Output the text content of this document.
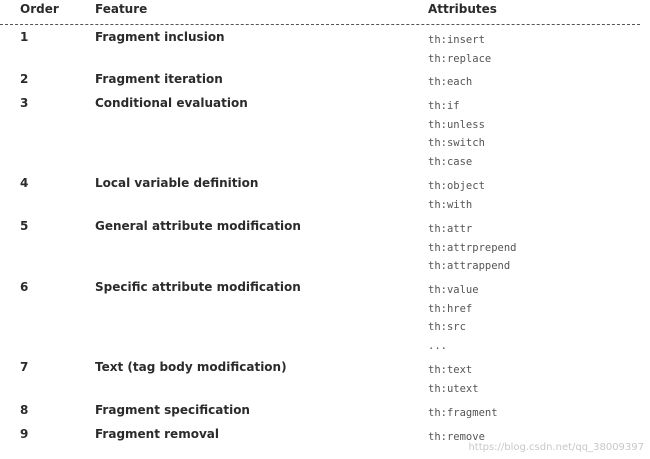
Order	Feature	Attributes
1	Fragment inclusion	th:insert
th:replace
2	Fragment iteration	th:each
3	Conditional evaluation	th:if
th:unless
th:switch
th:case
4	Local variable definition	th:object
th:with
5	General attribute modification	th:attr
th:attrprepend
th:attrappend
6	Specific attribute modification	th:value
th:href
th:src
...
7	Text (tag body modification)	th:text
th:utext
8	Fragment specification	th:fragment
9	Fragment removal	th:remove
https://blog.csdn.net/qq_38009397
